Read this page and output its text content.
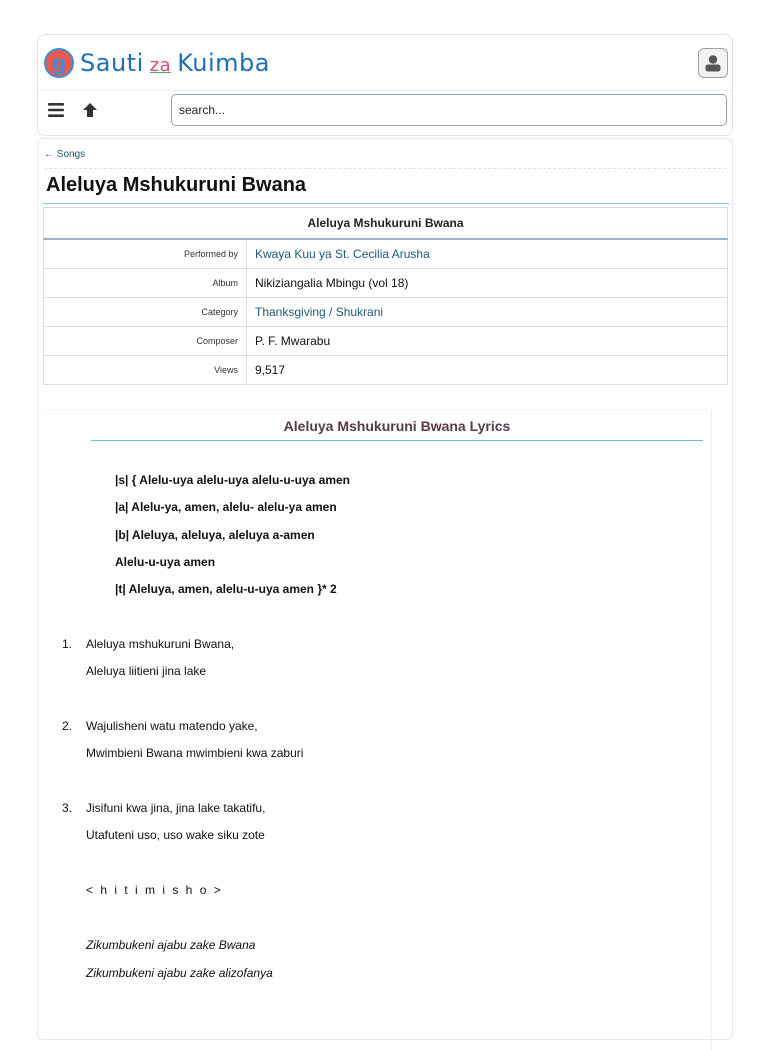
g Sauti za Kuimba
search...
← Songs
Aleluya Mshukuruni Bwana
Aleluya Mshukuruni Bwana	
Performed by	Kwaya Kuu ya St. Cecilia Arusha
Album	Nikiziangalia Mbingu (vol 18)
Category	Thanksgiving / Shukrani
Composer	P. F. Mwarabu
Views	9,517
Aleluya Mshukuruni Bwana Lyrics
|s| { Alelu-uya alelu-uya alelu-u-uya amen
|a| Alelu-ya, amen, alelu- alelu-ya amen
|b| Aleluya, aleluya, aleluya a-amen
Alelu-u-uya amen
|t| Aleluya, amen, alelu-u-uya amen }* 2
1. Aleluya mshukuruni Bwana,
Aleluya liitieni jina lake
2. Wajulisheni watu matendo yake,
Mwimbieni Bwana mwimbieni kwa zaburi
3. Jisifuni kwa jina, jina lake takatifu,
Utafuteni uso, uso wake siku zote
< h i t i m i s h o >
Zikumbukeni ajabu zake Bwana
Zikumbukeni ajabu zake alizofanya
